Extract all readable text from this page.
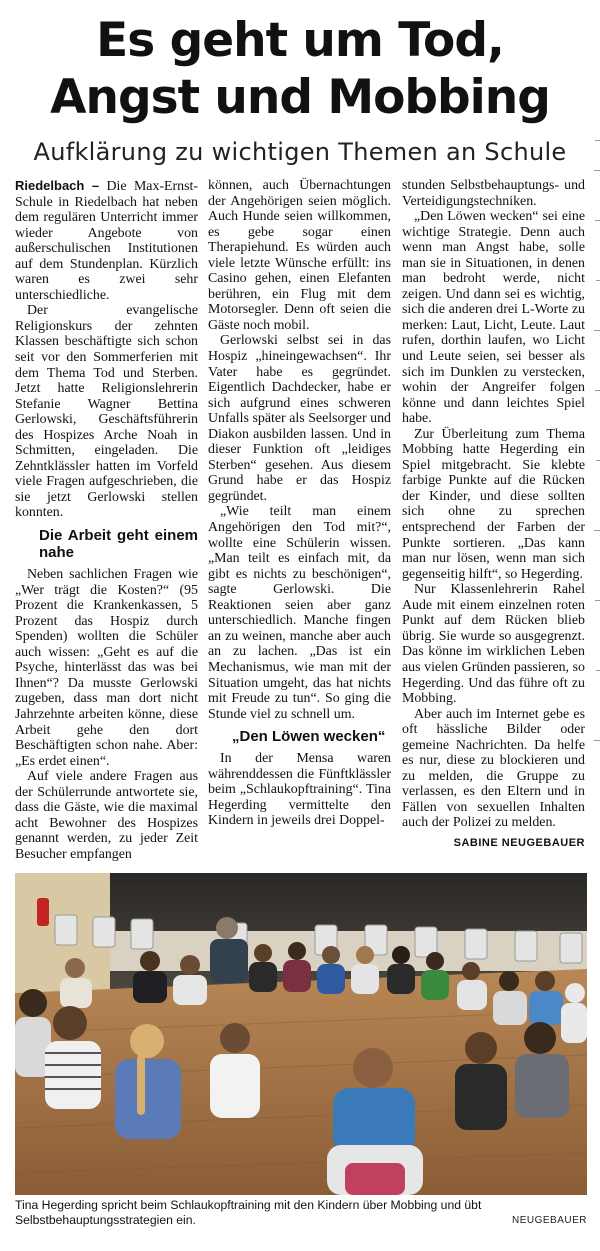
Es geht um Tod,
Angst und Mobbing
Aufklärung zu wichtigen Themen an Schule

Riedelbach – Die Max-Ernst-Schule in Riedelbach hat neben dem regulären Unterricht immer wieder Angebote von außerschulischen Institutionen auf dem Stundenplan. Kürzlich waren es zwei sehr unterschiedliche.

Der evangelische Religionskurs der zehnten Klassen beschäftigte sich schon seit vor den Sommerferien mit dem Thema Tod und Sterben. Jetzt hatte Religionslehrerin Stefanie Wagner Bettina Gerlowski, Geschäftsführerin des Hospizes Arche Noah in Schmitten, eingeladen. Die Zehntklässler hatten im Vorfeld viele Fragen aufgeschrieben, die sie jetzt Gerlowski stellen konnten.

Die Arbeit geht einem nahe

Neben sachlichen Fragen wie „Wer trägt die Kosten?“ (95 Prozent die Krankenkassen, 5 Prozent das Hospiz durch Spenden) wollten die Schüler auch wissen: „Geht es auf die Psyche, hinterlässt das was bei Ihnen“? Da musste Gerlowski zugeben, dass man dort nicht Jahrzehnte arbeiten könne, diese Arbeit gehe den dort Beschäftigten schon nahe. Aber: „Es erdet einen“.

Auf viele andere Fragen aus der Schülerrunde antwortete sie, dass die Gäste, wie die maximal acht Bewohner des Hospizes genannt werden, zu jeder Zeit Besucher empfangen

können, auch Übernachtungen der Angehörigen seien möglich. Auch Hunde seien willkommen, es gebe sogar einen Therapiehund. Es würden auch viele letzte Wünsche erfüllt: ins Casino gehen, einen Elefanten berühren, ein Flug mit dem Motorsegler. Denn oft seien die Gäste noch mobil.

Gerlowski selbst sei in das Hospiz „hineingewachsen“. Ihr Vater habe es gegründet. Eigentlich Dachdecker, habe er sich aufgrund eines schweren Unfalls später als Seelsorger und Diakon ausbilden lassen. Und in dieser Funktion oft „leidiges Sterben“ gesehen. Aus diesem Grund habe er das Hospiz gegründet.

„Wie teilt man einem Angehörigen den Tod mit?“, wollte eine Schülerin wissen. „Man teilt es einfach mit, da gibt es nichts zu beschönigen“, sagte Gerlowski. Die Reaktionen seien aber ganz unterschiedlich. Manche fingen an zu weinen, manche aber auch an zu lachen. „Das ist ein Mechanismus, wie man mit der Situation umgeht, das hat nichts mit Freude zu tun“. So ging die Stunde viel zu schnell um.

„Den Löwen wecken“

In der Mensa waren währenddessen die Fünftklässler beim „Schlaukopftraining“. Tina Hegerding vermittelte den Kindern in jeweils drei Doppel-

stunden Selbstbehauptungs- und Verteidigungstechniken.

„Den Löwen wecken“ sei eine wichtige Strategie. Denn auch wenn man Angst habe, solle man sie in Situationen, in denen man bedroht werde, nicht zeigen. Und dann sei es wichtig, sich die anderen drei L-Worte zu merken: Laut, Licht, Leute. Laut rufen, dorthin laufen, wo Licht und Leute seien, sei besser als sich im Dunklen zu verstecken, wohin der Angreifer folgen könne und dann leichtes Spiel habe.

Zur Überleitung zum Thema Mobbing hatte Hegerding ein Spiel mitgebracht. Sie klebte farbige Punkte auf die Rücken der Kinder, und diese sollten sich ohne zu sprechen entsprechend der Farben der Punkte sortieren. „Das kann man nur lösen, wenn man sich gegenseitig hilft“, so Hegerding.

Nur Klassenlehrerin Rahel Aude mit einem einzelnen roten Punkt auf dem Rücken blieb übrig. Sie wurde so ausgegrenzt. Das könne im wirklichen Leben aus vielen Gründen passieren, so Hegerding. Und das führe oft zu Mobbing.

Aber auch im Internet gebe es oft hässliche Bilder oder gemeine Nachrichten. Da helfe es nur, diese zu blockieren und zu melden, die Gruppe zu verlassen, es den Eltern und in Fällen von sexuellen Inhalten auch der Polizei zu melden.

SABINE NEUGEBAUER
Tina Hegerding spricht beim Schlaukopftraining mit den Kindern über Mobbing und übt Selbstbehauptungsstrategien ein.	NEUGEBAUER
